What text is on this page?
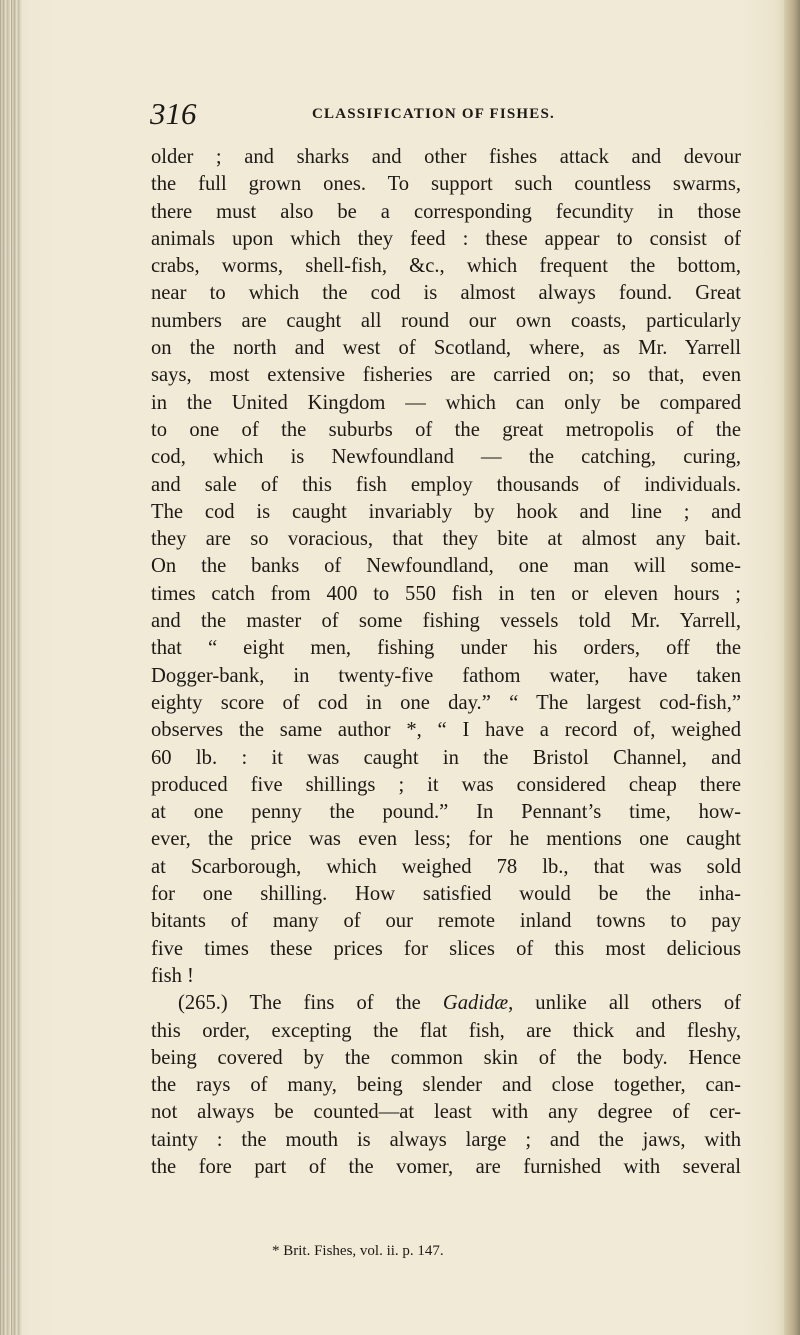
316	CLASSIFICATION OF FISHES.
older ; and sharks and other fishes attack and devour
the full grown ones. To support such countless swarms,
there must also be a corresponding fecundity in those
animals upon which they feed : these appear to consist of
crabs, worms, shell-fish, &c., which frequent the bottom,
near to which the cod is almost always found. Great
numbers are caught all round our own coasts, particularly
on the north and west of Scotland, where, as Mr. Yarrell
says, most extensive fisheries are carried on; so that, even
in the United Kingdom — which can only be compared
to one of the suburbs of the great metropolis of the
cod, which is Newfoundland — the catching, curing,
and sale of this fish employ thousands of individuals.
The cod is caught invariably by hook and line ; and
they are so voracious, that they bite at almost any bait.
On the banks of Newfoundland, one man will some-
times catch from 400 to 550 fish in ten or eleven hours ;
and the master of some fishing vessels told Mr. Yarrell,
that “ eight men, fishing under his orders, off the
Dogger-bank, in twenty-five fathom water, have taken
eighty score of cod in one day.” “ The largest cod-fish,”
observes the same author *, “ I have a record of, weighed
60 lb. : it was caught in the Bristol Channel, and
produced five shillings ; it was considered cheap there
at one penny the pound.” In Pennant’s time, how-
ever, the price was even less; for he mentions one caught
at Scarborough, which weighed 78 lb., that was sold
for one shilling. How satisfied would be the inha-
bitants of many of our remote inland towns to pay
five times these prices for slices of this most delicious
fish !
(265.) The fins of the Gadidæ, unlike all others of
this order, excepting the flat fish, are thick and fleshy,
being covered by the common skin of the body. Hence
the rays of many, being slender and close together, can-
not always be counted—at least with any degree of cer-
tainty : the mouth is always large ; and the jaws, with
the fore part of the vomer, are furnished with several
* Brit. Fishes, vol. ii. p. 147.
